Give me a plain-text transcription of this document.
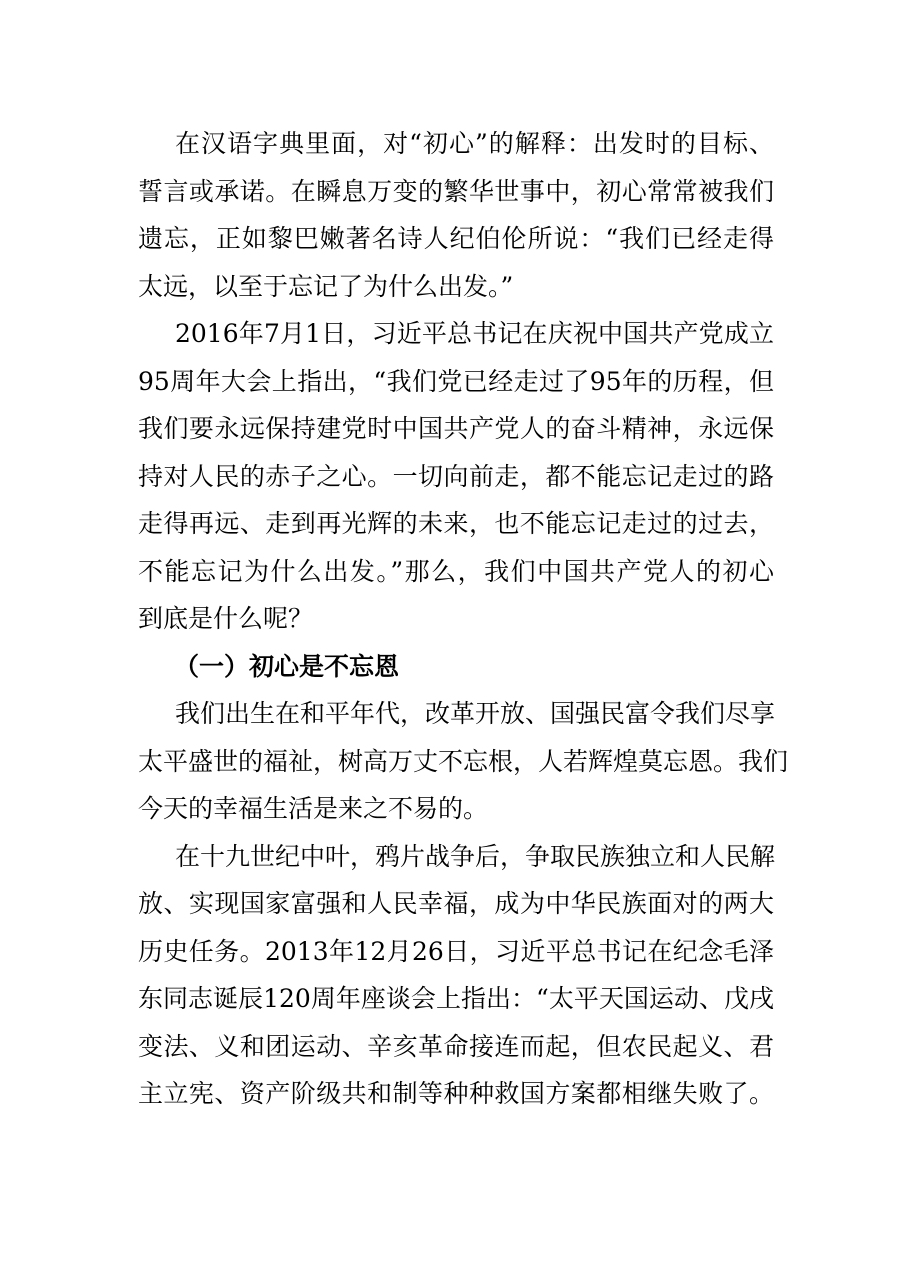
在汉语字典里面，对“初心”的解释：出发时的目标、
誓言或承诺。在瞬息万变的繁华世事中，初心常常被我们
遗忘，正如黎巴嫩著名诗人纪伯伦所说：“我们已经走得
太远，以至于忘记了为什么出发。”
2016年7月1日，习近平总书记在庆祝中国共产党成立
95周年大会上指出，“我们党已经走过了95年的历程，但
我们要永远保持建党时中国共产党人的奋斗精神，永远保
持对人民的赤子之心。一切向前走，都不能忘记走过的路
走得再远、走到再光辉的未来，也不能忘记走过的过去，
不能忘记为什么出发。”那么，我们中国共产党人的初心
到底是什么呢？
（一）初心是不忘恩
我们出生在和平年代，改革开放、国强民富令我们尽享
太平盛世的福祉，树高万丈不忘根，人若辉煌莫忘恩。我们
今天的幸福生活是来之不易的。
在十九世纪中叶，鸦片战争后，争取民族独立和人民解
放、实现国家富强和人民幸福，成为中华民族面对的两大
历史任务。2013年12月26日，习近平总书记在纪念毛泽
东同志诞辰120周年座谈会上指出：“太平天国运动、戊戌
变法、义和团运动、辛亥革命接连而起，但农民起义、君
主立宪、资产阶级共和制等种种救国方案都相继失败了。
